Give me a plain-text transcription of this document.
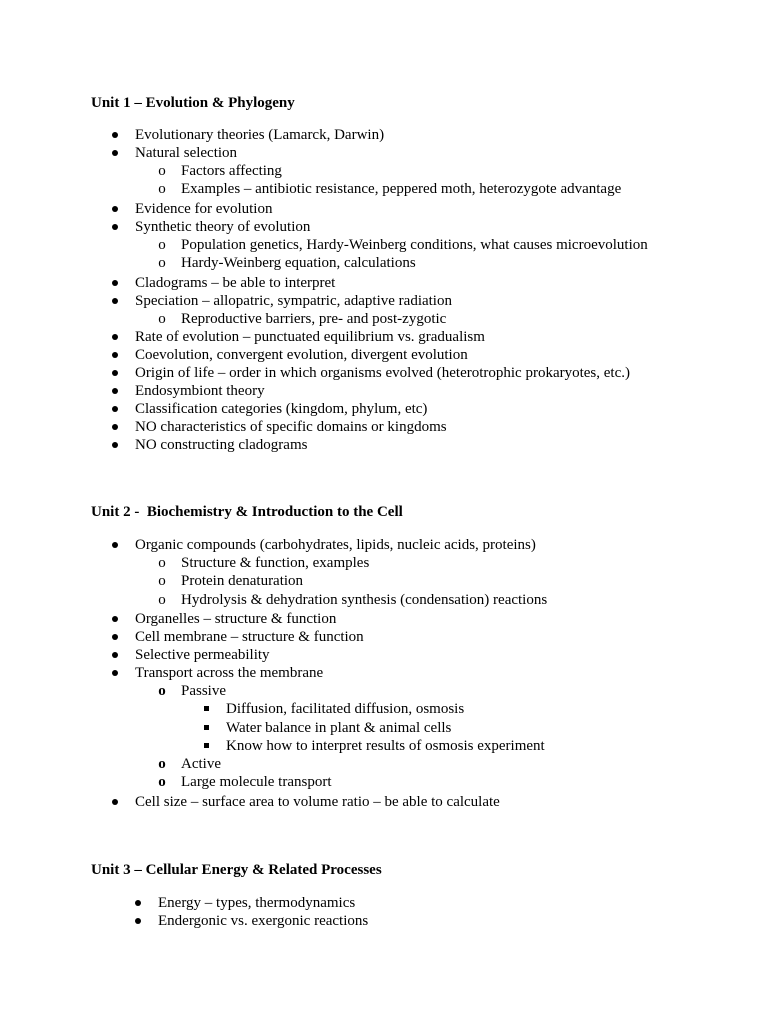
Unit 1 – Evolution & Phylogeny
Evolutionary theories (Lamarck, Darwin)
Natural selection
o Factors affecting
o Examples – antibiotic resistance, peppered moth, heterozygote advantage
Evidence for evolution
Synthetic theory of evolution
o Population genetics, Hardy-Weinberg conditions, what causes microevolution
o Hardy-Weinberg equation, calculations
Cladograms – be able to interpret
Speciation – allopatric, sympatric, adaptive radiation
o Reproductive barriers, pre- and post-zygotic
Rate of evolution – punctuated equilibrium vs. gradualism
Coevolution, convergent evolution, divergent evolution
Origin of life – order in which organisms evolved (heterotrophic prokaryotes, etc.)
Endosymbiont theory
Classification categories (kingdom, phylum, etc)
NO characteristics of specific domains or kingdoms
NO constructing cladograms
Unit 2 -  Biochemistry & Introduction to the Cell
Organic compounds (carbohydrates, lipids, nucleic acids, proteins)
o Structure & function, examples
o Protein denaturation
o Hydrolysis & dehydration synthesis (condensation) reactions
Organelles – structure & function
Cell membrane – structure & function
Selective permeability
Transport across the membrane
o Passive
Diffusion, facilitated diffusion, osmosis
Water balance in plant & animal cells
Know how to interpret results of osmosis experiment
o Active
o Large molecule transport
Cell size – surface area to volume ratio – be able to calculate
Unit 3 – Cellular Energy & Related Processes
Energy – types, thermodynamics
Endergonic vs. exergonic reactions
